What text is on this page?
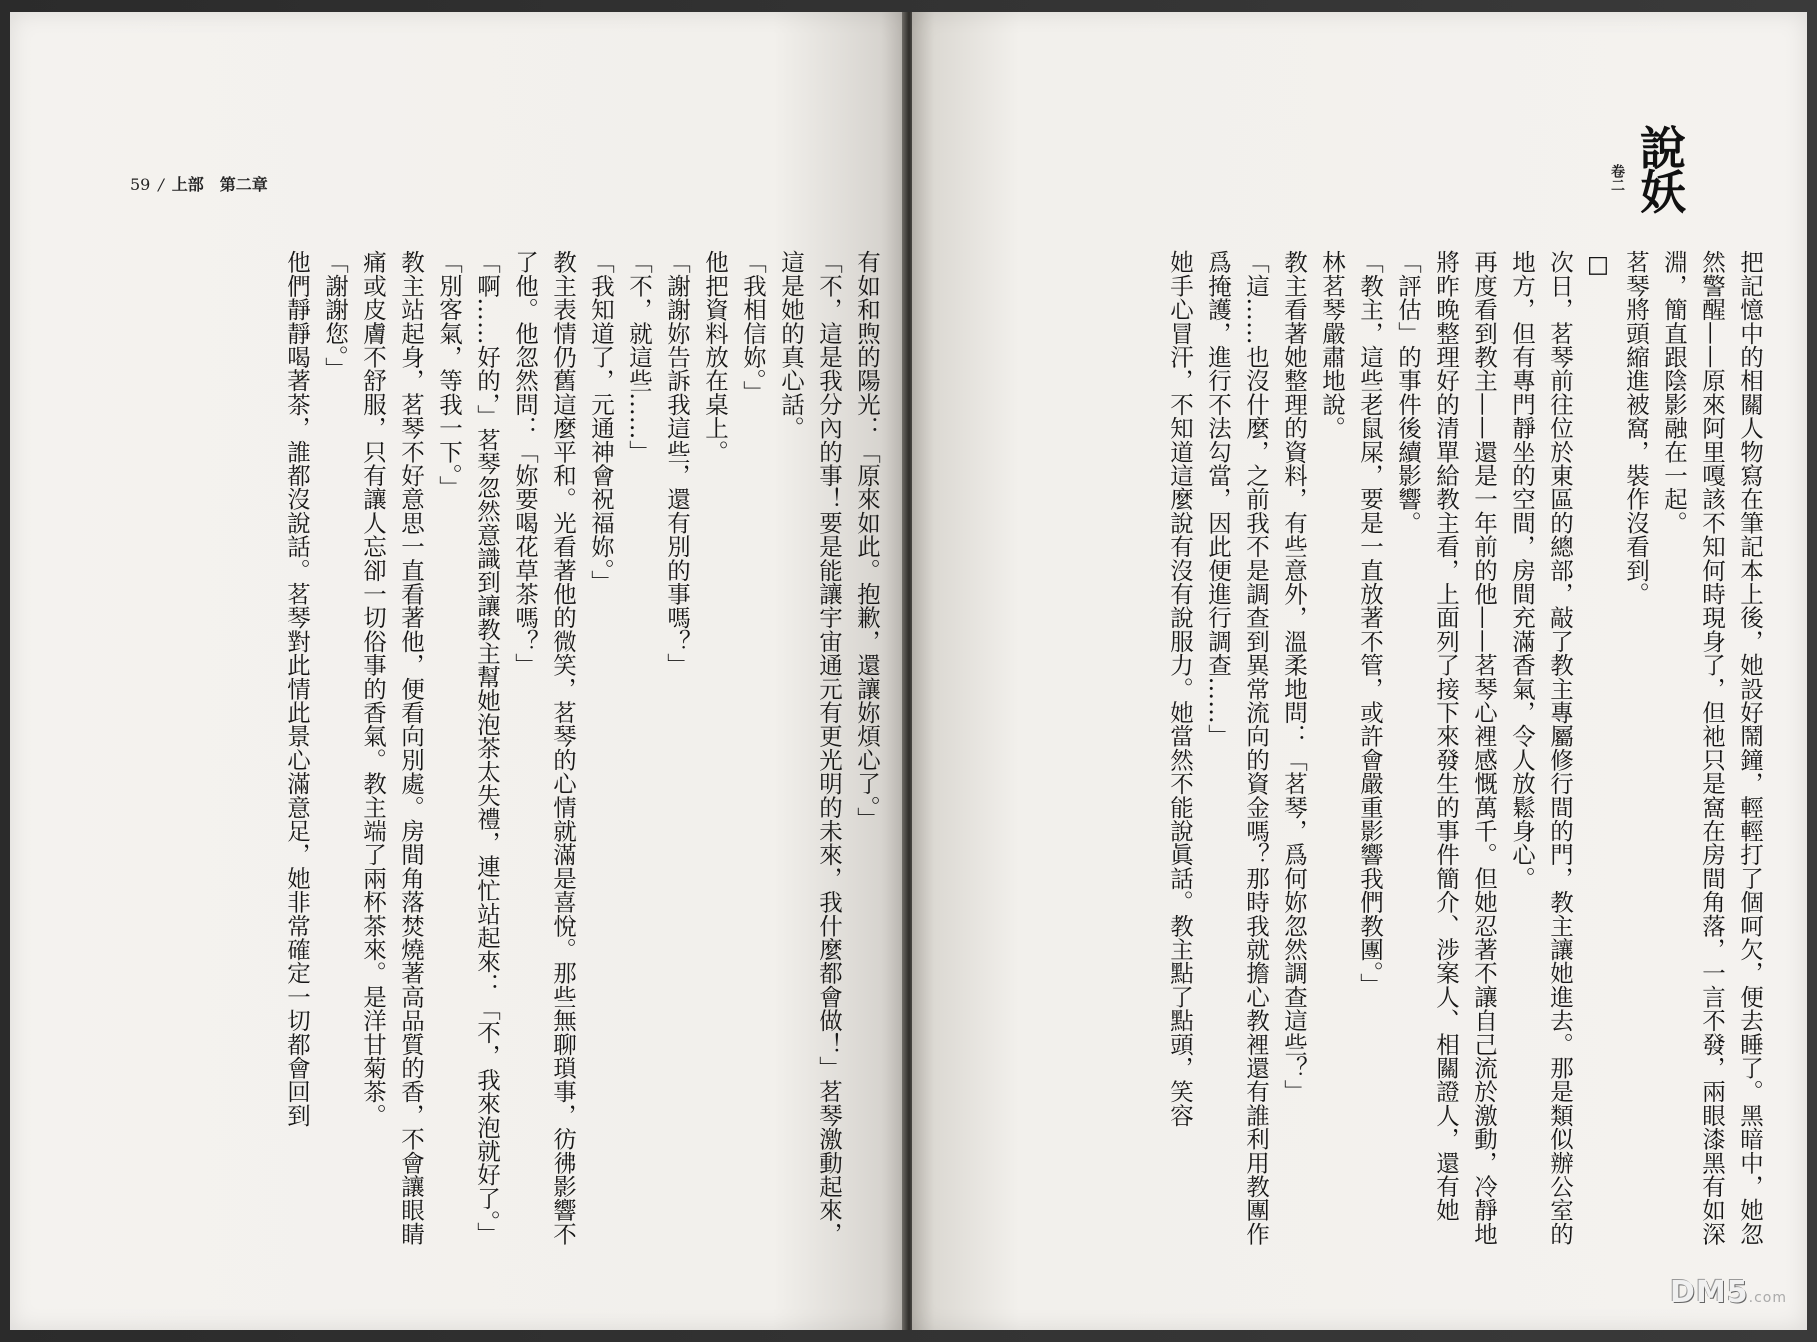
59 / 上部　 第二章

有如和煦的陽光：「原來如此。抱歉，還讓妳煩心了。」

「不，這是我分內的事！要是能讓宇宙通元有更光明的未來，我什麼都會做！」茗琴激動起來，這是她的真心話。

「我相信妳。」

他把資料放在桌上。

「謝謝妳告訴我這些，還有別的事嗎？」

「不，就這些……」

「我知道了，元通神會祝福妳。」

教主表情仍舊這麼平和。光看著他的微笑，茗琴的心情就滿是喜悅。那些無聊瑣事，彷彿影響不了他。他忽然問：「妳要喝花草茶嗎？」

「啊……好的，」茗琴忽然意識到讓教主幫她泡茶太失禮，連忙站起來：「不，我來泡就好了。」

「別客氣，等我一下。」

教主站起身，茗琴不好意思一直看著他，便看向別處。房間角落焚燒著高品質的香，不會讓眼睛痛或皮膚不舒服，只有讓人忘卻一切俗事的香氣。教主端了兩杯茶來。是洋甘菊茶。

「謝謝您。」

他們靜靜喝著茶，誰都沒說話。茗琴對此情此景心滿意足，她非常確定一切都會回到

說妖
卷二

把記憶中的相關人物寫在筆記本上後，她設好鬧鐘，輕輕打了個呵欠，便去睡了。黑暗中，她忽然警醒——原來阿里嘎該不知何時現身了，但祂只是窩在房間角落，一言不發，兩眼漆黑有如深淵，簡直跟陰影融在一起。

茗琴將頭縮進被窩，裝作沒看到。

□

次日，茗琴前往位於東區的總部，敲了教主專屬修行間的門，教主讓她進去。那是類似辦公室的地方，但有專門靜坐的空間，房間充滿香氣，令人放鬆身心。

再度看到教主——還是一年前的他——茗琴心裡感慨萬千。但她忍著不讓自己流於激動，冷靜地將昨晚整理好的清單給教主看，上面列了接下來發生的事件簡介、涉案人、相關證人，還有她「評估」的事件後續影響。

「教主，這些老鼠屎，要是一直放著不管，或許會嚴重影響我們教團。」

林茗琴嚴肅地說。

教主看著她整理的資料，有些意外，溫柔地問：「茗琴，爲何妳忽然調查這些？」

「這……也沒什麼，之前我不是調查到異常流向的資金嗎？那時我就擔心教裡還有誰利用教團作爲掩護，進行不法勾當，因此便進行調查……」

她手心冒汗，不知道這麼說有沒有說服力。她當然不能說眞話。教主點了點頭，笑容

DM5.com
